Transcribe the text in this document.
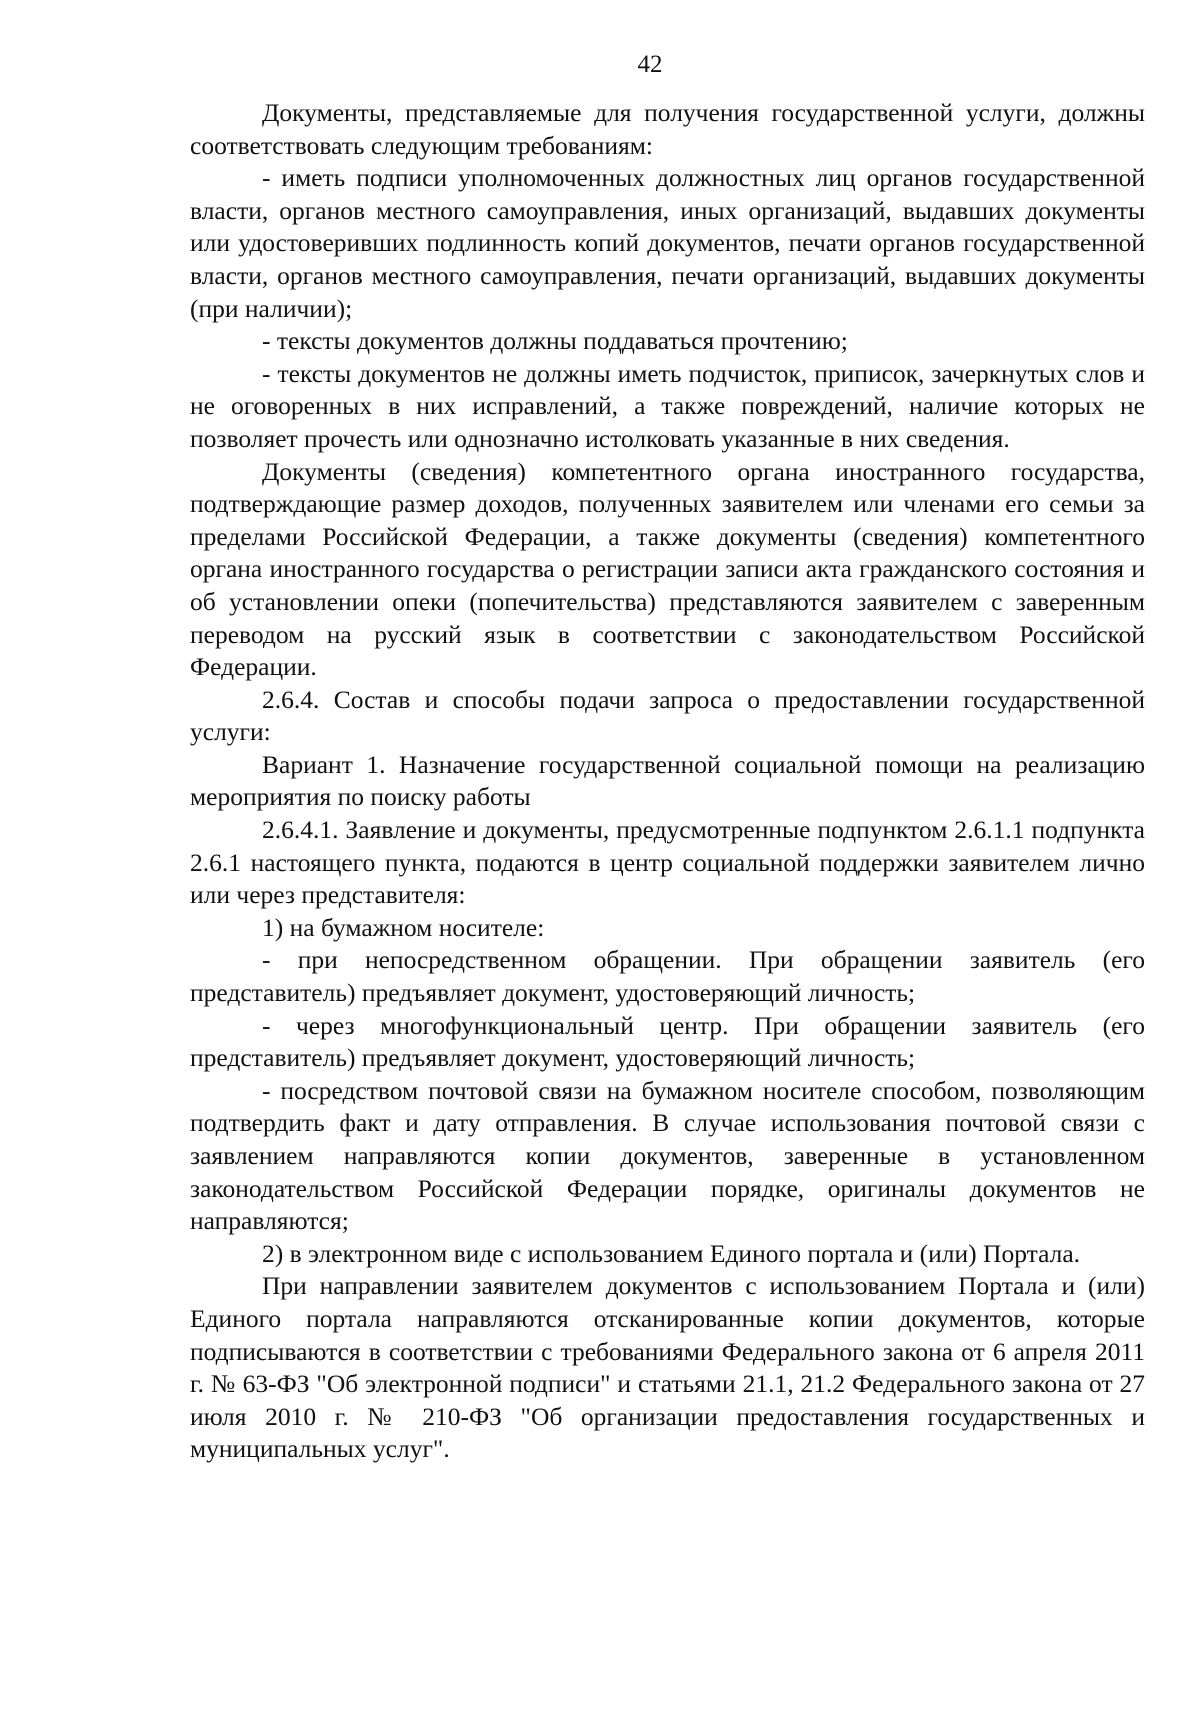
42

Документы, представляемые для получения государственной услуги, должны соответствовать следующим требованиям:

- иметь подписи уполномоченных должностных лиц органов государственной власти, органов местного самоуправления, иных организаций, выдавших документы или удостоверивших подлинность копий документов, печати органов государственной власти, органов местного самоуправления, печати организаций, выдавших документы (при наличии);

- тексты документов должны поддаваться прочтению;

- тексты документов не должны иметь подчисток, приписок, зачеркнутых слов и не оговоренных в них исправлений, а также повреждений, наличие которых не позволяет прочесть или однозначно истолковать указанные в них сведения.

Документы (сведения) компетентного органа иностранного государства, подтверждающие размер доходов, полученных заявителем или членами его семьи за пределами Российской Федерации, а также документы (сведения) компетентного органа иностранного государства о регистрации записи акта гражданского состояния и об установлении опеки (попечительства) представляются заявителем с заверенным переводом на русский язык в соответствии с законодательством Российской Федерации.

2.6.4. Состав и способы подачи запроса о предоставлении государственной услуги:

Вариант 1. Назначение государственной социальной помощи на реализацию мероприятия по поиску работы

2.6.4.1. Заявление и документы, предусмотренные подпунктом 2.6.1.1 подпункта 2.6.1 настоящего пункта, подаются в центр социальной поддержки заявителем лично или через представителя:

1) на бумажном носителе:

- при непосредственном обращении. При обращении заявитель (его представитель) предъявляет документ, удостоверяющий личность;

- через многофункциональный центр. При обращении заявитель (его представитель) предъявляет документ, удостоверяющий личность;

- посредством почтовой связи на бумажном носителе способом, позволяющим подтвердить факт и дату отправления. В случае использования почтовой связи с заявлением направляются копии документов, заверенные в установленном законодательством Российской Федерации порядке, оригиналы документов не направляются;

2) в электронном виде с использованием Единого портала и (или) Портала.

При направлении заявителем документов с использованием Портала и (или) Единого портала направляются отсканированные копии документов, которые подписываются в соответствии с требованиями Федерального закона от 6 апреля 2011 г. № 63-ФЗ "Об электронной подписи" и статьями 21.1, 21.2 Федерального закона от 27 июля 2010 г. № 210-ФЗ "Об организации предоставления государственных и муниципальных услуг".
